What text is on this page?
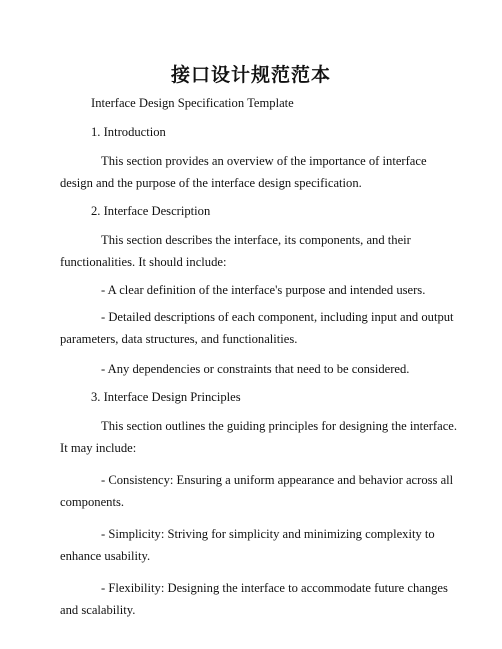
接口设计规范范本
Interface Design Specification Template
1. Introduction
This section provides an overview of the importance of interface design and the purpose of the interface design specification.
2. Interface Description
This section describes the interface, its components, and their functionalities. It should include:
- A clear definition of the interface's purpose and intended users.
- Detailed descriptions of each component, including input and output parameters, data structures, and functionalities.
- Any dependencies or constraints that need to be considered.
3. Interface Design Principles
This section outlines the guiding principles for designing the interface. It may include:
- Consistency: Ensuring a uniform appearance and behavior across all components.
- Simplicity: Striving for simplicity and minimizing complexity to enhance usability.
- Flexibility: Designing the interface to accommodate future changes and scalability.
